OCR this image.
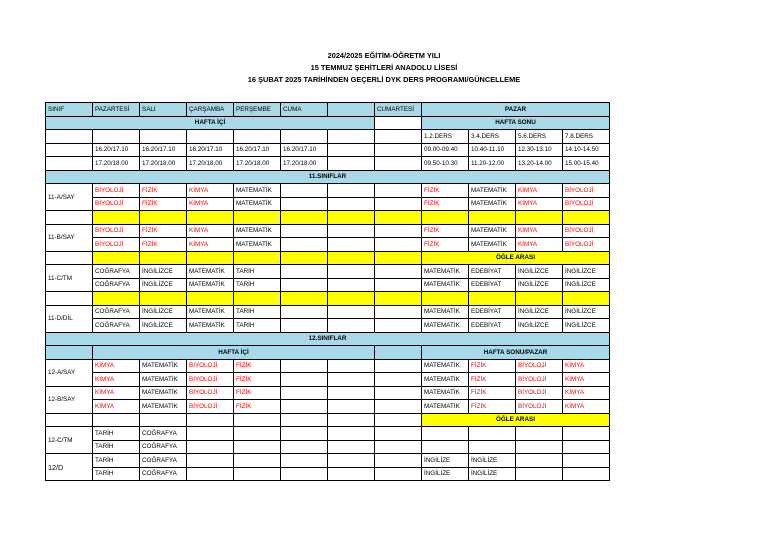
2024/2025 EĞİTİM-ÖĞRETM YILI
15 TEMMUZ ŞEHİTLERİ ANADOLU LİSESİ
16 ŞUBAT 2025 TARİHİNDEN GEÇERLİ DYK DERS PROGRAMI/GÜNCELLEME
SINIF	PAZARTESİ	SALI	ÇARŞAMBA	PERŞEMBE	CUMA		CUMARTESİ	PAZAR			
HAFTA İÇİ								HAFTA SONU			
								1.2.DERS	3.4.DERS	5.6.DERS	7.8.DERS
	16.20/17.10	16.20/17.10	16.20/17.10	16.20/17.10	16.20/17.10			09.00-09.40	10.40-11.10	12.30-13.10	14.10-14.50
	17.20/18.00	17.20/18.00	17.20/18.00	17.20/18.00	17.20/18.00			09.50-10.30	11.20-12.00	13.20-14.00	15.00-15.40
11.SINIFLAR											
11-A/SAY	BİYOLOJİ	FİZİK	KİMYA	MATEMATİK				FİZİK	MATEMATİK	KİMYA	BİYOLOJİ
	BİYOLOJİ	FİZİK	KİMYA	MATEMATİK				FİZİK	MATEMATİK	KİMYA	BİYOLOJİ

11-B/SAY	BİYOLOJİ	FİZİK	KİMYA	MATEMATİK				FİZİK	MATEMATİK	KİMYA	BİYOLOJİ
	BİYOLOJİ	FİZİK	KİMYA	MATEMATİK				FİZİK	MATEMATİK	KİMYA	BİYOLOJİ
								ÖĞLE ARASI			
11-C/TM	COĞRAFYA	İNGİLİZCE	MATEMATİK	TARİH				MATEMATİK	EDEBİYAT	İNGİLİZCE	İNGİLİZCE
	COĞRAFYA	İNGİLİZCE	MATEMATİK	TARİH				MATEMATİK	EDEBİYAT	İNGİLİZCE	İNGİLİZCE

11-D/DİL	COĞRAFYA	İNGİLİZCE	MATEMATİK	TARİH				MATEMATİK	EDEBİYAT	İNGİLİZCE	İNGİLİZCE
	COĞRAFYA	İNGİLİZCE	MATEMATİK	TARİH				MATEMATİK	EDEBİYAT	İNGİLİZCE	İNGİLİZCE
12.SINIFLAR											
	HAFTA İÇİ							HAFTA SONU/PAZAR			
12-A/SAY	KİMYA	MATEMATİK	BİYOLOJİ	FİZİK				MATEMATİK	FİZİK	BİYOLOJİ	KİMYA
	KİMYA	MATEMATİK	BİYOLOJİ	FİZİK				MATEMATİK	FİZİK	BİYOLOJİ	KİMYA
12-B/SAY	KİMYA	MATEMATİK	BİYOLOJİ	FİZİK				MATEMATİK	FİZİK	BİYOLOJİ	KİMYA
	KİMYA	MATEMATİK	BİYOLOJİ	FİZİK				MATEMATİK	FİZİK	BİYOLOJİ	KİMYA
								ÖĞLE ARASI			
12-C/TM	TARİH	COĞRAFYA									
	TARİH	COĞRAFYA									
12/D	TARİH	COĞRAFYA						İNGİLİZE	İNGİLİZE		
	TARİH	COĞRAFYA						İNGİLİZE	İNGİLİZE		
